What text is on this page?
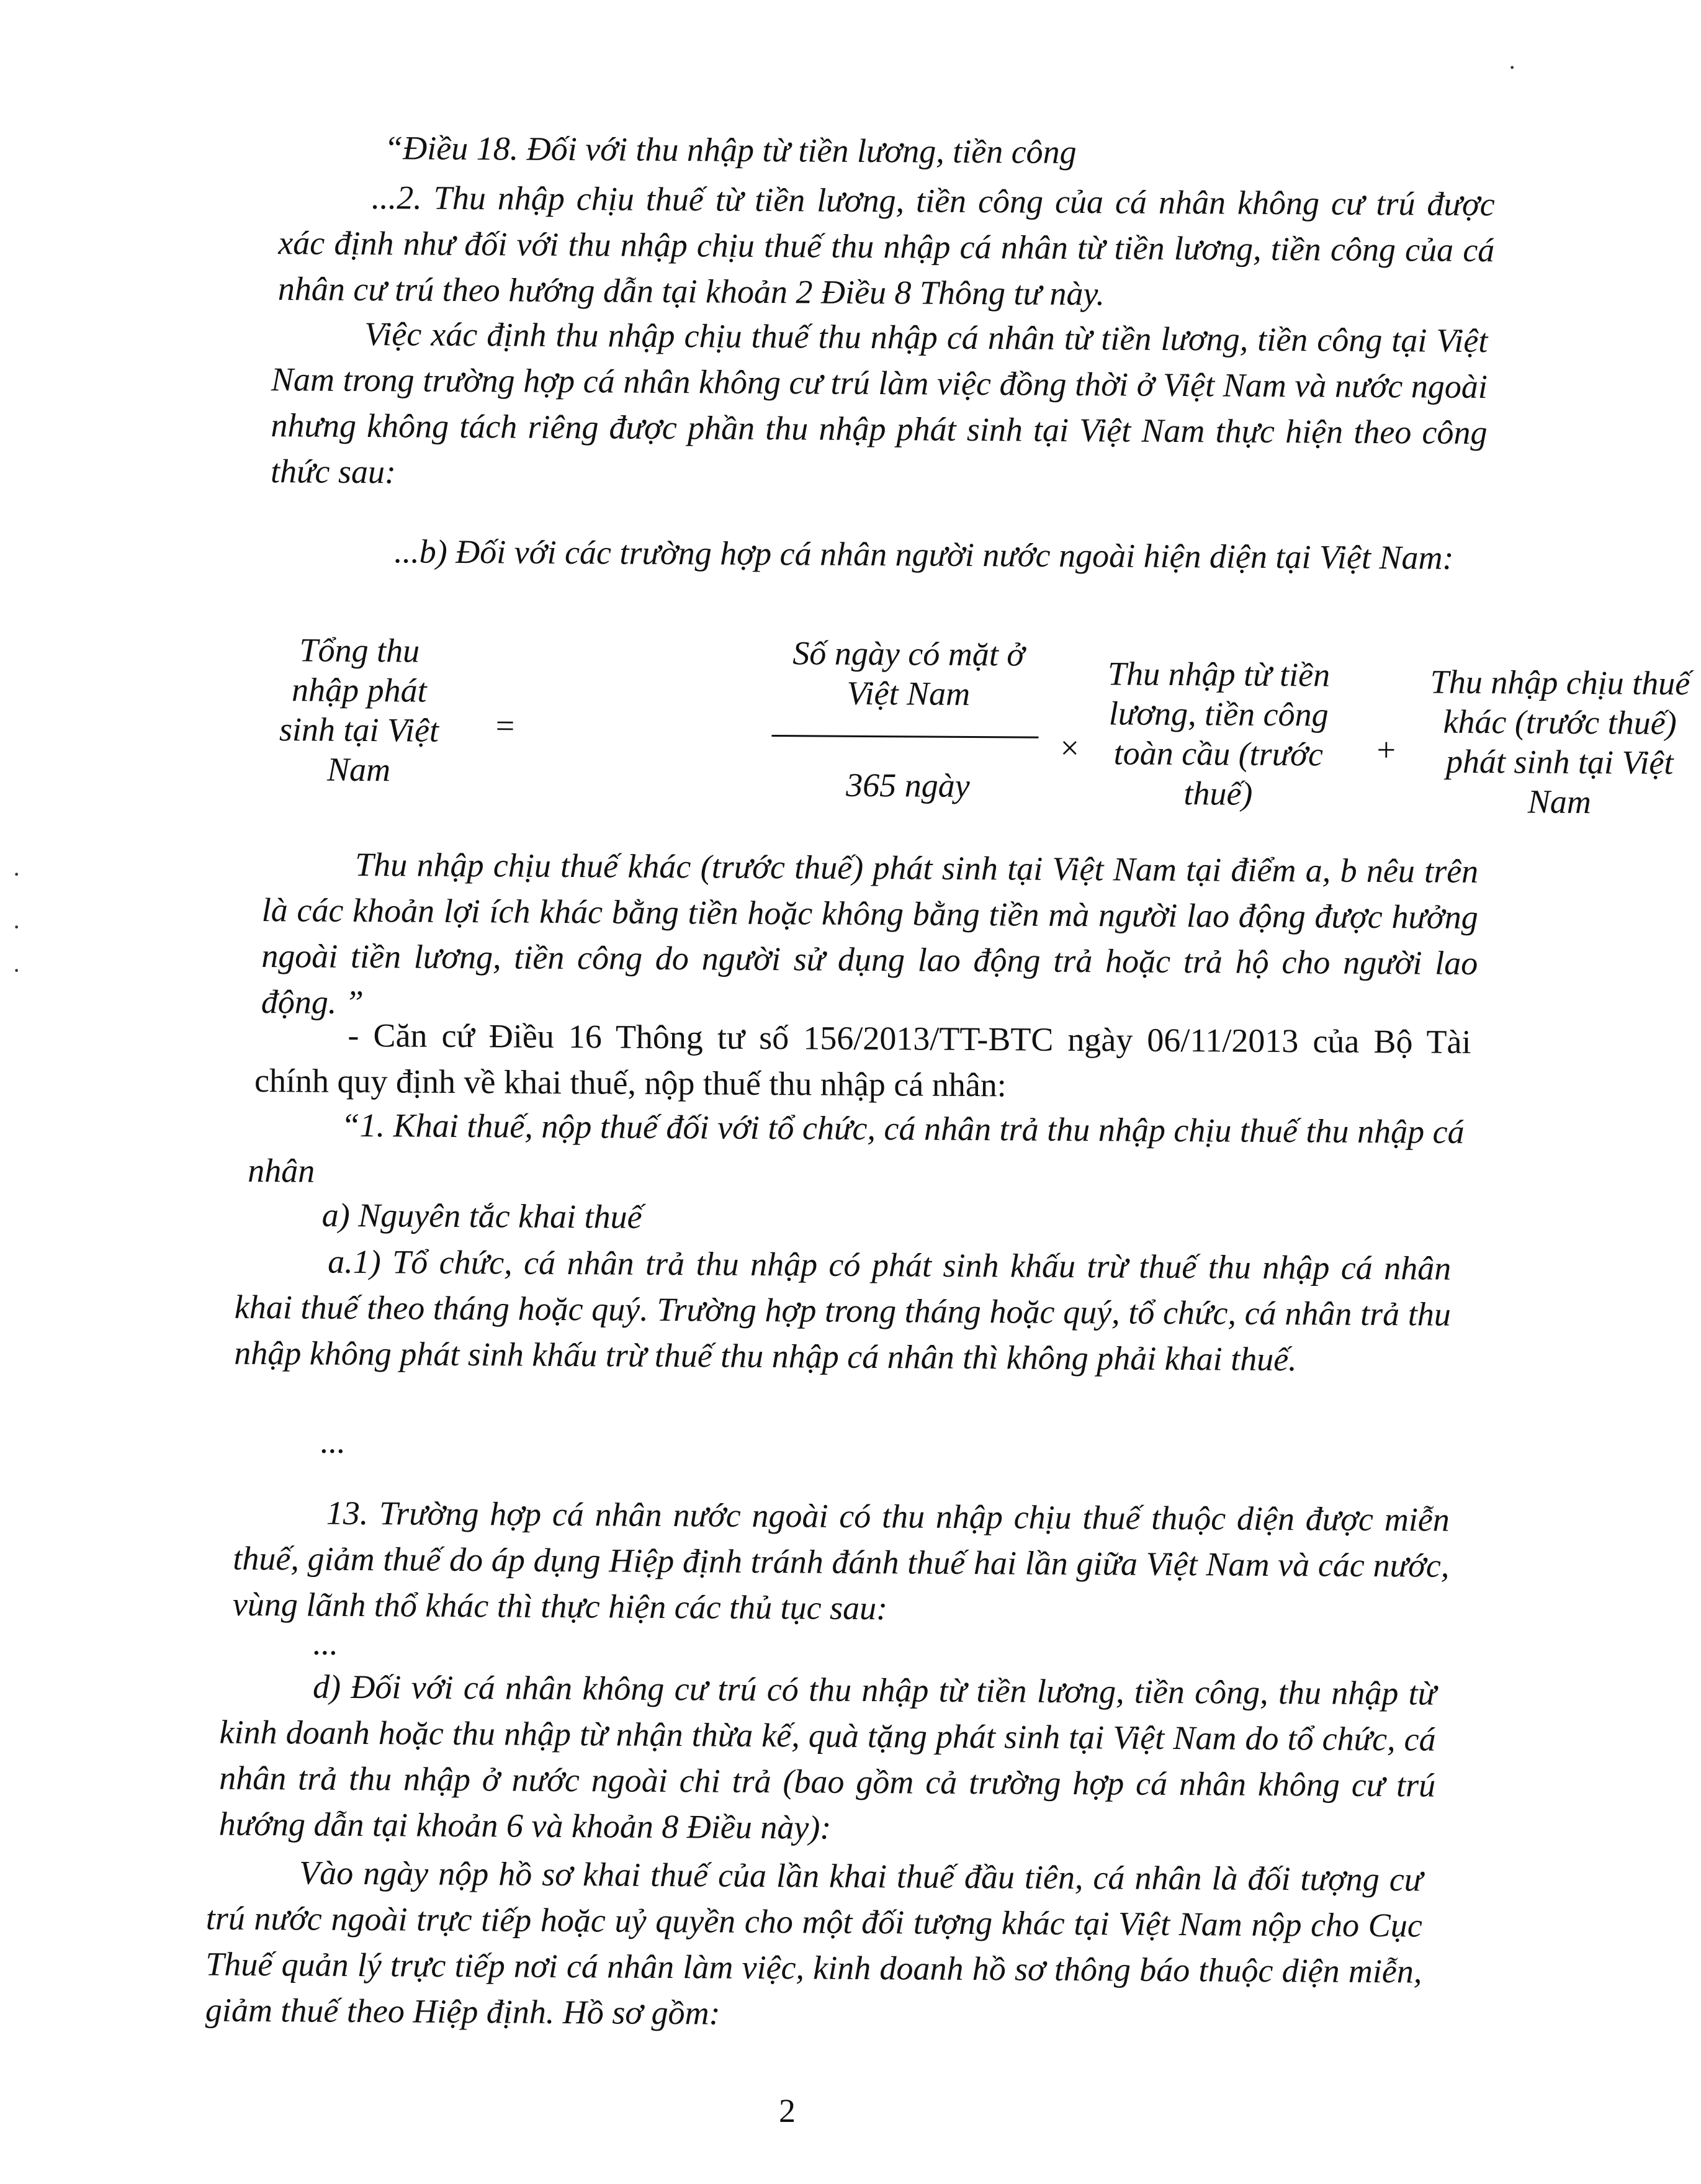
“Điều 18. Đối với thu nhập từ tiền lương, tiền công

...2. Thu nhập chịu thuế từ tiền lương, tiền công của cá nhân không cư trú được xác định như đối với thu nhập chịu thuế thu nhập cá nhân từ tiền lương, tiền công của cá nhân cư trú theo hướng dẫn tại khoản 2 Điều 8 Thông tư này.

Việc xác định thu nhập chịu thuế thu nhập cá nhân từ tiền lương, tiền công tại Việt Nam trong trường hợp cá nhân không cư trú làm việc đồng thời ở Việt Nam và nước ngoài nhưng không tách riêng được phần thu nhập phát sinh tại Việt Nam thực hiện theo công thức sau:

...b) Đối với các trường hợp cá nhân người nước ngoài hiện diện tại Việt Nam:

Tổng thu nhập phát sinh tại Việt Nam
=
Số ngày có mặt ở Việt Nam
365 ngày
×
Thu nhập từ tiền lương, tiền công toàn cầu (trước thuế)
+
Thu nhập chịu thuế khác (trước thuế) phát sinh tại Việt Nam

Thu nhập chịu thuế khác (trước thuế) phát sinh tại Việt Nam tại điểm a, b nêu trên là các khoản lợi ích khác bằng tiền hoặc không bằng tiền mà người lao động được hưởng ngoài tiền lương, tiền công do người sử dụng lao động trả hoặc trả hộ cho người lao động. ”

- Căn cứ Điều 16 Thông tư số 156/2013/TT-BTC ngày 06/11/2013 của Bộ Tài chính quy định về khai thuế, nộp thuế thu nhập cá nhân:

“1. Khai thuế, nộp thuế đối với tổ chức, cá nhân trả thu nhập chịu thuế thu nhập cá nhân

a) Nguyên tắc khai thuế

a.1) Tổ chức, cá nhân trả thu nhập có phát sinh khấu trừ thuế thu nhập cá nhân khai thuế theo tháng hoặc quý. Trường hợp trong tháng hoặc quý, tổ chức, cá nhân trả thu nhập không phát sinh khấu trừ thuế thu nhập cá nhân thì không phải khai thuế.

...

13. Trường hợp cá nhân nước ngoài có thu nhập chịu thuế thuộc diện được miễn thuế, giảm thuế do áp dụng Hiệp định tránh đánh thuế hai lần giữa Việt Nam và các nước, vùng lãnh thổ khác thì thực hiện các thủ tục sau:

...

d) Đối với cá nhân không cư trú có thu nhập từ tiền lương, tiền công, thu nhập từ kinh doanh hoặc thu nhập từ nhận thừa kế, quà tặng phát sinh tại Việt Nam do tổ chức, cá nhân trả thu nhập ở nước ngoài chi trả (bao gồm cả trường hợp cá nhân không cư trú hướng dẫn tại khoản 6 và khoản 8 Điều này):

Vào ngày nộp hồ sơ khai thuế của lần khai thuế đầu tiên, cá nhân là đối tượng cư trú nước ngoài trực tiếp hoặc uỷ quyền cho một đối tượng khác tại Việt Nam nộp cho Cục Thuế quản lý trực tiếp nơi cá nhân làm việc, kinh doanh hồ sơ thông báo thuộc diện miễn, giảm thuế theo Hiệp định. Hồ sơ gồm:

2
·
·
·
·
